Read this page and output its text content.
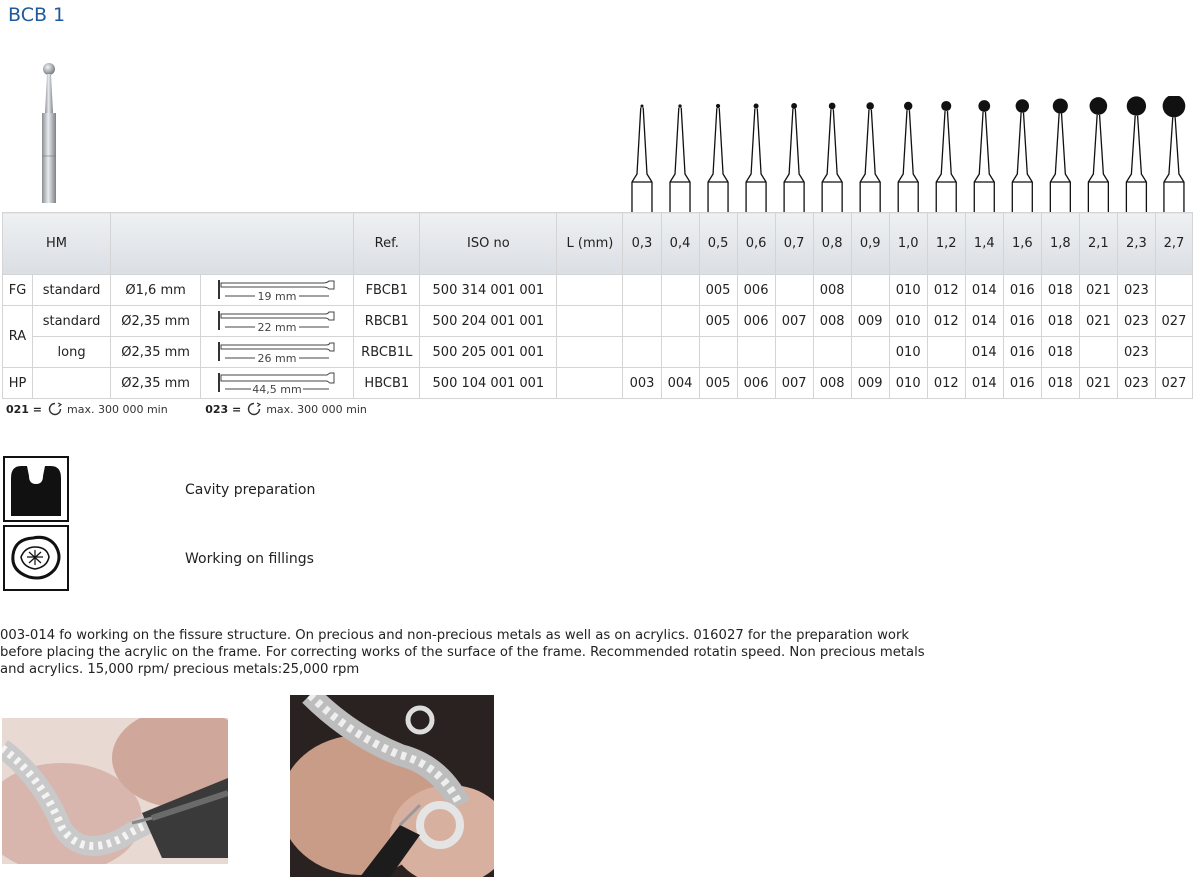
BCB 1
HM				Ref.	ISO no	L (mm)	0,3	0,4	0,5	0,6	0,7	0,8	0,9	1,0	1,2	1,4	1,6	1,8	2,1	2,3	2,7
FG	standard	Ø1,6 mm	19 mm	FBCB1	500 314 001 001				005	006		008		010	012	014	016	018	021	023	
RA	standard	Ø2,35 mm	22 mm	RBCB1	500 204 001 001				005	006	007	008	009	010	012	014	016	018	021	023	027
	long	Ø2,35 mm	26 mm	RBCB1L	500 205 001 001									010		014	016	018		023	
HP		Ø2,35 mm	44,5 mm	HBCB1	500 104 001 001		003	004	005	006	007	008	009	010	012	014	016	018	021	023	027
021 = max. 300 000 min	023 = max. 300 000 min
Cavity preparation
Working on fillings

003-014 fo working on the fissure structure. On precious and non-precious metals as well as on acrylics. 016027 for the preparation work before placing the acrylic on the frame. For correcting works of the surface of the frame. Recommended rotatin speed. Non precious metals and acrylics. 15,000 rpm/ precious metals:25,000 rpm
